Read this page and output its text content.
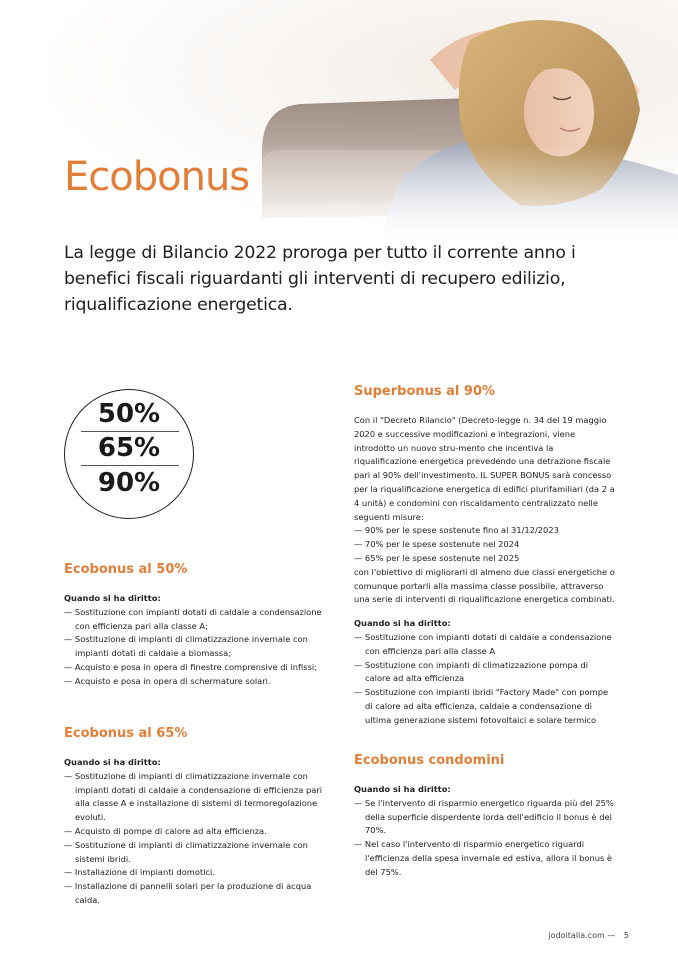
Ecobonus

La legge di Bilancio 2022 proroga per tutto il corrente anno i benefici fiscali riguardanti gli interventi di recupero edilizio, riqualificazione energetica.

50%
65%
90%
Ecobonus al 50%

Quando si ha diritto:

— Sostituzione con impianti dotati di caldaie a condensazione con efficienza pari alla classe A;
— Sostituzione di impianti di climatizzazione invernale con impianti dotati di caldaie a biomassa;
— Acquisto e posa in opera di finestre comprensive di infissi;
— Acquisto e posa in opera di schermature solari.
Ecobonus al 65%

Quando si ha diritto:

— Sostituzione di impianti di climatizzazione invernale con impianti dotati di caldaie a condensazione di efficienza pari alla classe A e installazione di sistemi di termoregolazione evoluti.
— Acquisto di pompe di calore ad alta efficienza.
— Sostituzione di impianti di climatizzazione invernale con sistemi ibridi.
— Installazione di impianti domotici.
— Installazione di pannelli solari per la produzione di acqua calda.
Superbonus al 90%

Con il "Decreto Rilancio" (Decreto-legge n. 34 del 19 maggio 2020 e successive modificazioni e integrazioni, viene introdotto un nuovo stru-mento che incentiva la riqualificazione energetica prevedendo una detrazione fiscale pari al 90% dell'investimento. IL SUPER BONUS sarà concesso per la riqualificazione energetica di edifici plurifamiliari (da 2 a 4 unità) e condomini con riscaldamento centralizzato nelle seguenti misure:

— 90% per le spese sostenute fino al 31/12/2023
— 70% per le spese sostenute nel 2024
— 65% per le spese sostenute nel 2025

con l'obiettivo di migliorarli di almeno due classi energetiche o comunque portarli alla massima classe possibile, attraverso una serie di interventi di riqualificazione energetica combinati.

Quando si ha diritto:

— Sostituzione con impianti dotati di caldaie a condensazione con efficienza pari alla classe A
— Sostituzione con impianti di climatizzazione pompa di calore ad alta efficienza
— Sostituzione con impianti ibridi "Factory Made" con pompe di calore ad alta efficienza, caldaie a condensazione di ultima generazione sistemi fotovoltaici e solare termico
Ecobonus condomini

Quando si ha diritto:

— Se l'intervento di risparmio energetico riguarda più del 25% della superficie disperdente lorda dell'edificio il bonus è del 70%.
— Nel caso l'intervento di risparmio energetico riguardi l'efficienza della spesa invernale ed estiva, allora il bonus è del 75%.
jodoitalia.com — 5
